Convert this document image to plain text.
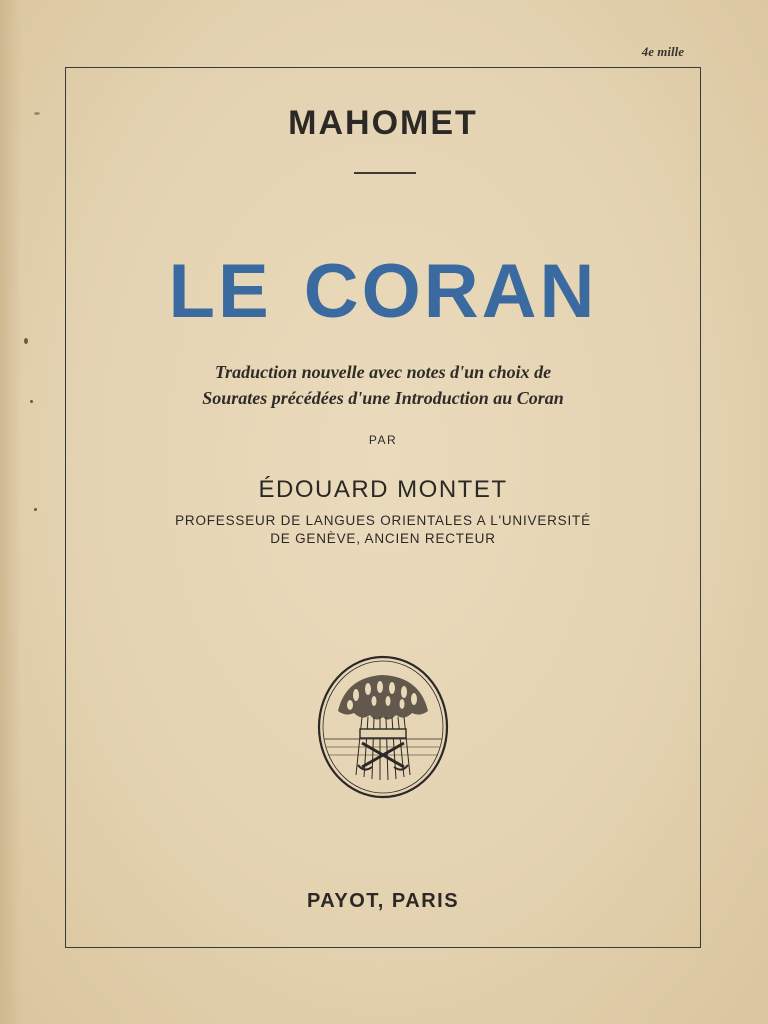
4e mille
MAHOMET
LE CORAN
Traduction nouvelle avec notes d'un choix de
Sourates précédées d'une Introduction au Coran
PAR
ÉDOUARD MONTET
PROFESSEUR DE LANGUES ORIENTALES A L'UNIVERSITÉ
DE GENÈVE, ANCIEN RECTEUR
PAYOT, PARIS
